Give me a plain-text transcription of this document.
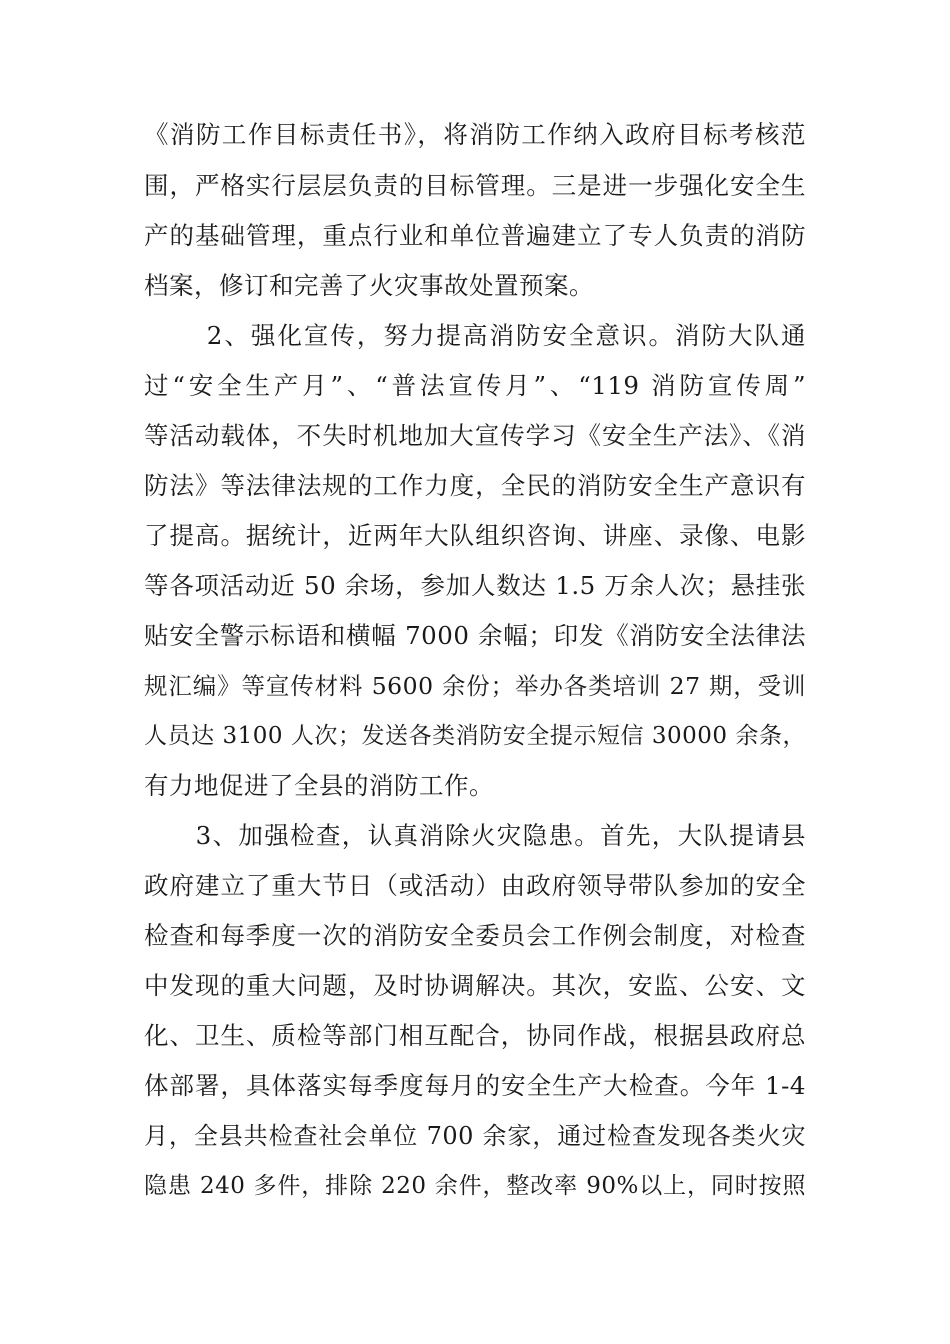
《消防工作目标责任书》，将消防工作纳入政府目标考核范
围，严格实行层层负责的目标管理。三是进一步强化安全生
产的基础管理，重点行业和单位普遍建立了专人负责的消防
档案，修订和完善了火灾事故处置预案。
　　 2、强化宣传，努力提高消防安全意识。消防大队通
过“安全生产月”、“普法宣传月”、“119 消防宣传周”
等活动载体，不失时机地加大宣传学习《安全生产法》、《消
防法》等法律法规的工作力度，全民的消防安全生产意识有
了提高。据统计，近两年大队组织咨询、讲座、录像、电影
等各项活动近 50 余场，参加人数达 1.5 万余人次；悬挂张
贴安全警示标语和横幅 7000 余幅；印发《消防安全法律法
规汇编》等宣传材料 5600 余份；举办各类培训 27 期，受训
人员达 3100 人次；发送各类消防安全提示短信 30000 余条，
有力地促进了全县的消防工作。
　　3、加强检查，认真消除火灾隐患。首先，大队提请县
政府建立了重大节日（或活动）由政府领导带队参加的安全
检查和每季度一次的消防安全委员会工作例会制度，对检查
中发现的重大问题，及时协调解决。其次，安监、公安、文
化、卫生、质检等部门相互配合，协同作战，根据县政府总
体部署，具体落实每季度每月的安全生产大检查。今年 1-4
月，全县共检查社会单位 700 余家，通过检查发现各类火灾
隐患 240 多件，排除 220 余件，整改率 90%以上，同时按照
